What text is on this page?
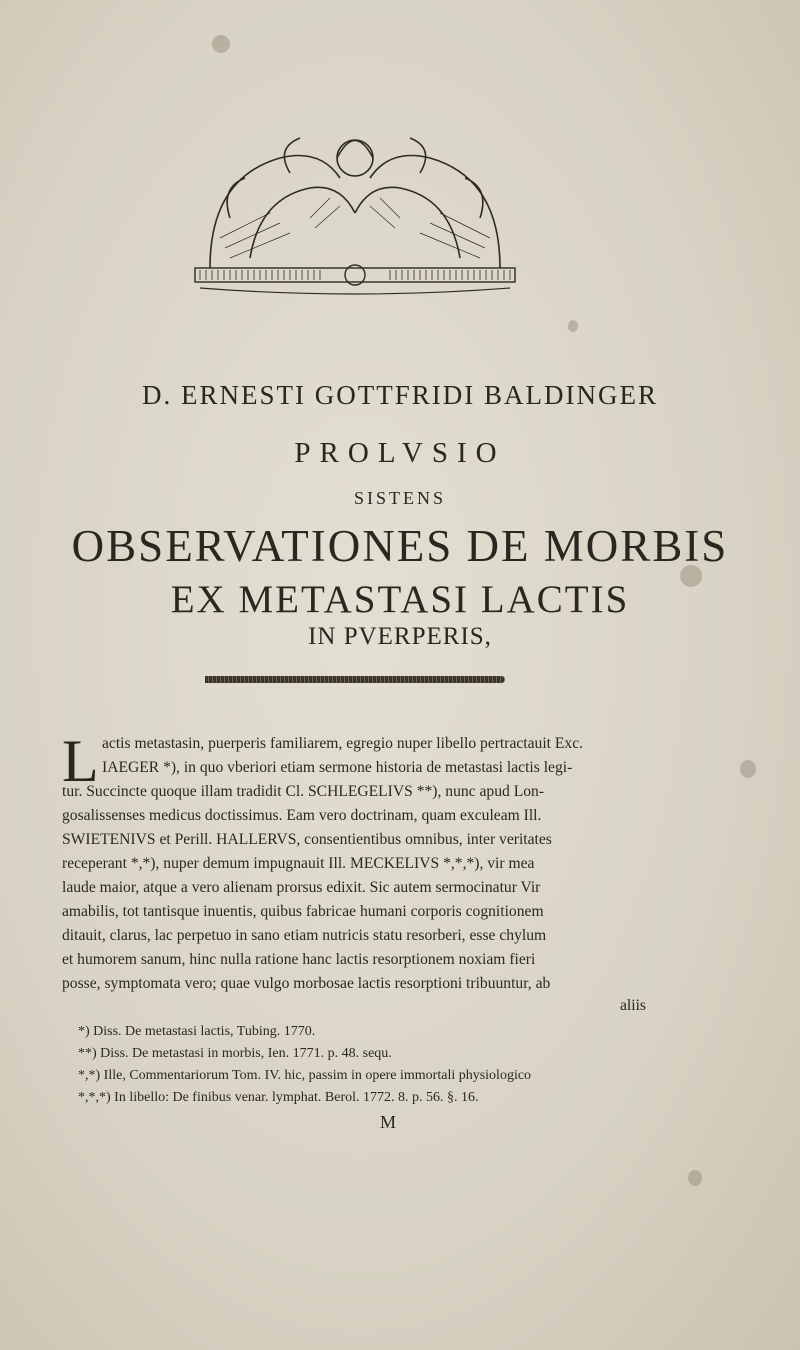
D. ERNESTI GOTTFRIDI BALDINGER
PROLVSIO
SISTENS
OBSERVATIONES DE MORBIS
EX METASTASI LACTIS
IN PVERPERIS,
L actis metastasin, puerperis familiarem, egregio nuper libello pertractauit Exc.
IAEGER *), in quo vberiori etiam sermone historia de metastasi lactis legi-
tur. Succincte quoque illam tradidit Cl. SCHLEGELIVS **), nunc apud Lon-
gosalissenses medicus doctissimus. Eam vero doctrinam, quam exculeam Ill.
SWIETENIVS et Perill. HALLERVS, consentientibus omnibus, inter veritates
receperant *,*), nuper demum impugnauit Ill. MECKELIVS *,*,*), vir mea
laude maior, atque a vero alienam prorsus edixit. Sic autem sermocinatur Vir
amabilis, tot tantisque inuentis, quibus fabricae humani corporis cognitionem
ditauit, clarus, lac perpetuo in sano etiam nutricis statu resorberi, esse chylum
et humorem sanum, hinc nulla ratione hanc lactis resorptionem noxiam fieri
posse, symptomata vero; quae vulgo morbosae lactis resorptioni tribuuntur, ab
aliis
*) Diss. De metastasi lactis, Tubing. 1770.
**) Diss. De metastasi in morbis, Ien. 1771. p. 48. sequ.
*,*) Ille, Commentariorum Tom. IV. hic, passim in opere immortali physiologico
*,*,*) In libello: De finibus venar. lymphat. Berol. 1772. 8. p. 56. §. 16.
M
